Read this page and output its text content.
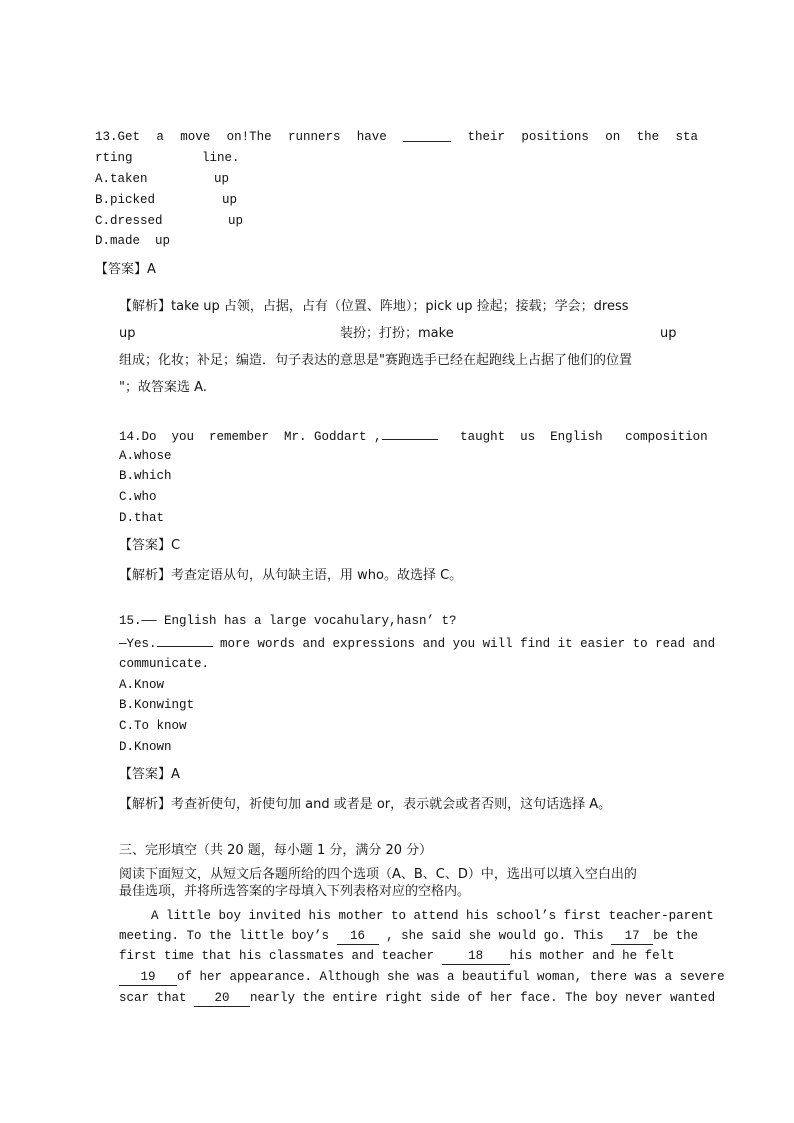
13.Get a move on!The runners have	their positions on the sta
rting	line.
A.taken	up
B.picked	up
C.dressed	up
D.made up
【答案】A
【解析】take up 占领，占据，占有（位置、阵地）；pick up 捡起；接载；学会；dress
up	装扮；打扮；make	up
组成；化妆；补足；编造．句子表达的意思是"赛跑选手已经在起跑线上占据了他们的位置
"；故答案选 A.
14.Do  you  remember  Mr. Goddart ,	taught  us  English   composition
A.whose
B.which
C.who
D.that
【答案】C
【解析】考查定语从句，从句缺主语，用 who。故选择 C。
15.—— English has a large vocahulary,hasn’ t?
—Yes.	more words and expressions and you will find it easier to read and
communicate.
A.Know
B.Konwingt
C.To know
D.Known
【答案】A
【解析】考查祈使句，祈使句加 and 或者是 or，表示就会或者否则，这句话选择 A。
三、完形填空（共 20 题，每小题 1 分，满分 20 分）
阅读下面短文，从短文后各题所给的四个选项（A、B、C、D）中，选出可以填入空白出的
最佳选项，并将所选答案的字母填入下列表格对应的空格内。
A little boy invited his mother to attend his school’s first teacher-parent
meeting. To the little boy’s 16 , she said she would go. This 17 be the
first time that his classmates and teacher	18 his mother and he felt
19 of her appearance. Although she was a beautiful woman, there was a severe
scar that 20 nearly the entire right side of her face. The boy never wanted
